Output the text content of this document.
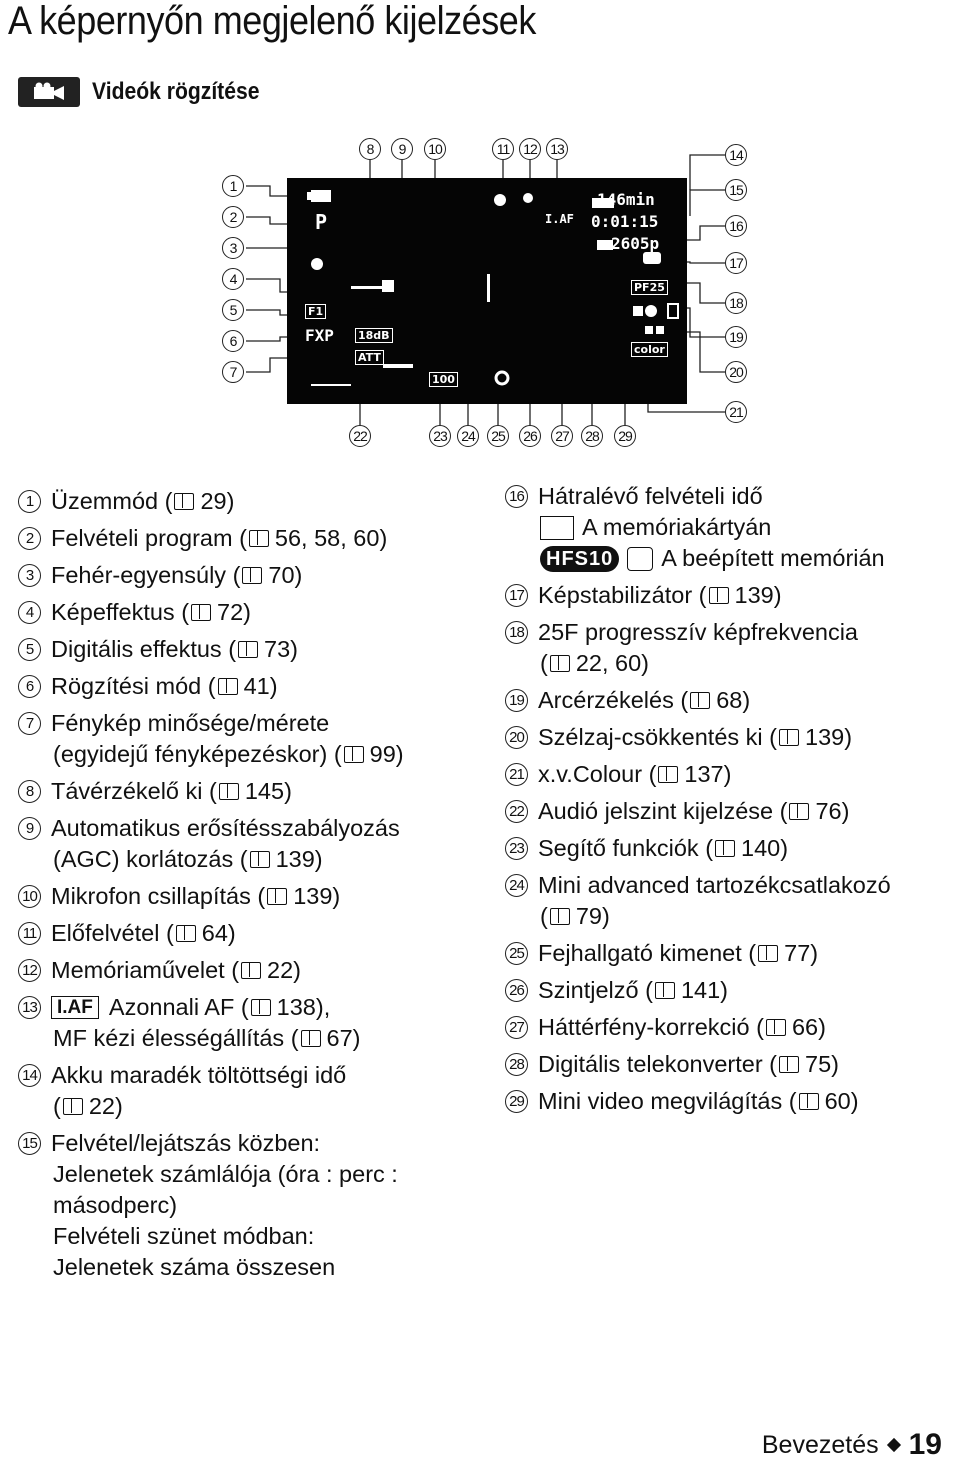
A képernyőn megjelenő kijelzések
Videók rögzítése
P
F1
FXP 18dB
ATT
I.AF
146min
0:01:15
2605p
PF25
color
100
1
2
3
4
5
6
7
8	9	10	11 12 13	14
15
16
17
18
19
20
21
22	23	24	25	26	27	28	29
1 Üzemmód ( 29)
2 Felvételi program ( 56, 58, 60)
3 Fehér-egyensúly ( 70)
4 Képeffektus ( 72)
5 Digitális effektus ( 73)
6 Rögzítési mód ( 41)
7 Fénykép minősége/mérete
(egyidejű fényképezéskor) ( 99)
8 Távérzékelő ki ( 145)
9 Automatikus erősítésszabályozás
(AGC) korlátozás ( 139)
10 Mikrofon csillapítás ( 139)
11 Előfelvétel ( 64)
12 Memóriaművelet ( 22)
13	I.AF Azonnali AF ( 138),
MF kézi élességállítás ( 67)
14 Akku maradék töltöttségi idő
( 22)
15 Felvétel/lejátszás közben:
Jelenetek számlálója (óra : perc :
másodperc)
Felvételi szünet módban:
Jelenetek száma összesen
16 Hátralévő felvételi idő
A memóriakártyán
HFS10 A beépített memórián
17 Képstabilizátor ( 139)
18 25F progresszív képfrekvencia
( 22, 60)
19 Arcérzékelés ( 68)
20 Szélzaj-csökkentés ki ( 139)
21 x.v.Colour ( 137)
22 Audió jelszint kijelzése ( 76)
23 Segítő funkciók ( 140)
24 Mini advanced tartozékcsatlakozó
( 79)
25 Fejhallgató kimenet ( 77)
26 Szintjelző ( 141)
27 Háttérfény-korrekció ( 66)
28 Digitális telekonverter ( 75)
29 Mini video megvilágítás ( 60)
Bevezetés 19
